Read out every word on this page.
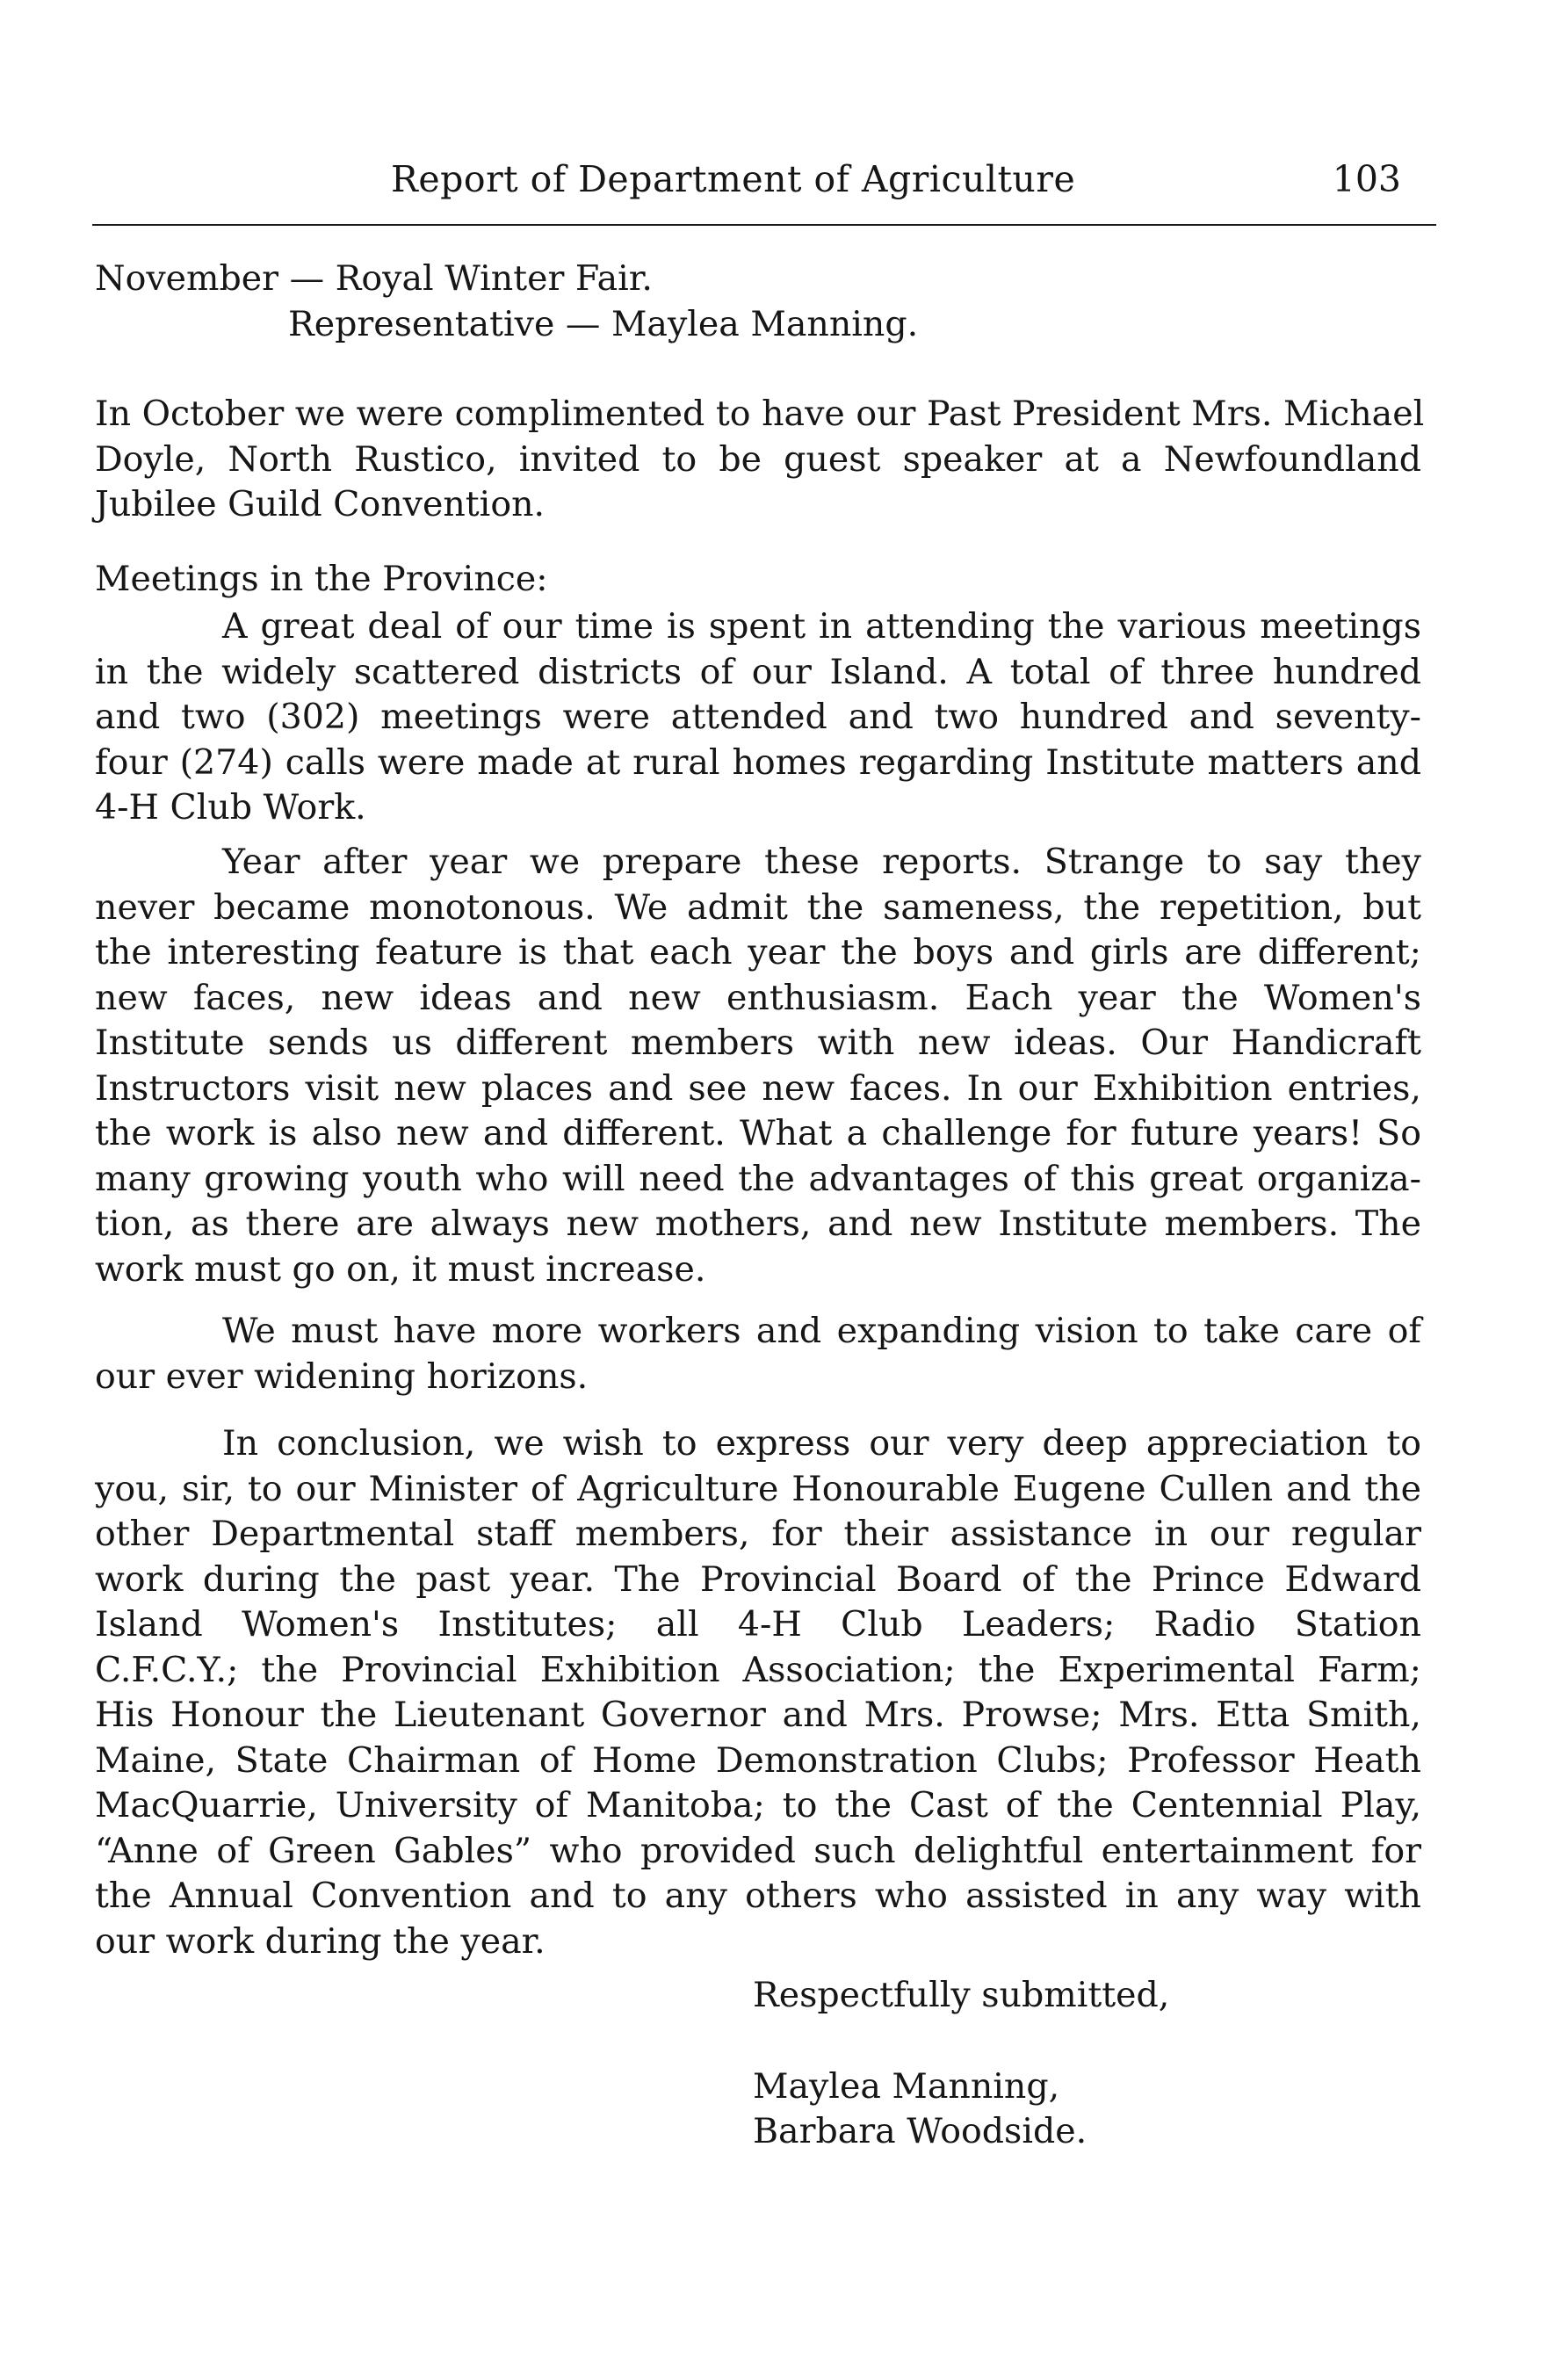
Report of Department of Agriculture	103
November — Royal Winter Fair.
Representative — Maylea Manning.
In October we were complimented to have our Past President Mrs. Michael
Doyle, North Rustico, invited to be guest speaker at a Newfoundland
Jubilee Guild Convention.
Meetings in the Province:
A great deal of our time is spent in attending the various meetings
in the widely scattered districts of our Island. A total of three hundred
and two (302) meetings were attended and two hundred and seventy-
four (274) calls were made at rural homes regarding Institute matters and
4-H Club Work.
Year after year we prepare these reports. Strange to say they
never became monotonous. We admit the sameness, the repetition, but
the interesting feature is that each year the boys and girls are different;
new faces, new ideas and new enthusiasm. Each year the Women's
Institute sends us different members with new ideas. Our Handicraft
Instructors visit new places and see new faces. In our Exhibition entries,
the work is also new and different. What a challenge for future years! So
many growing youth who will need the advantages of this great organiza-
tion, as there are always new mothers, and new Institute members. The
work must go on, it must increase.
We must have more workers and expanding vision to take care of
our ever widening horizons.
In conclusion, we wish to express our very deep appreciation to
you, sir, to our Minister of Agriculture Honourable Eugene Cullen and the
other Departmental staff members, for their assistance in our regular
work during the past year. The Provincial Board of the Prince Edward
Island Women's Institutes; all 4-H Club Leaders; Radio Station
C.F.C.Y.; the Provincial Exhibition Association; the Experimental Farm;
His Honour the Lieutenant Governor and Mrs. Prowse; Mrs. Etta Smith,
Maine, State Chairman of Home Demonstration Clubs; Professor Heath
MacQuarrie, University of Manitoba; to the Cast of the Centennial Play,
“Anne of Green Gables” who provided such delightful entertainment for
the Annual Convention and to any others who assisted in any way with
our work during the year.
Respectfully submitted,
Maylea Manning,
Barbara Woodside.
